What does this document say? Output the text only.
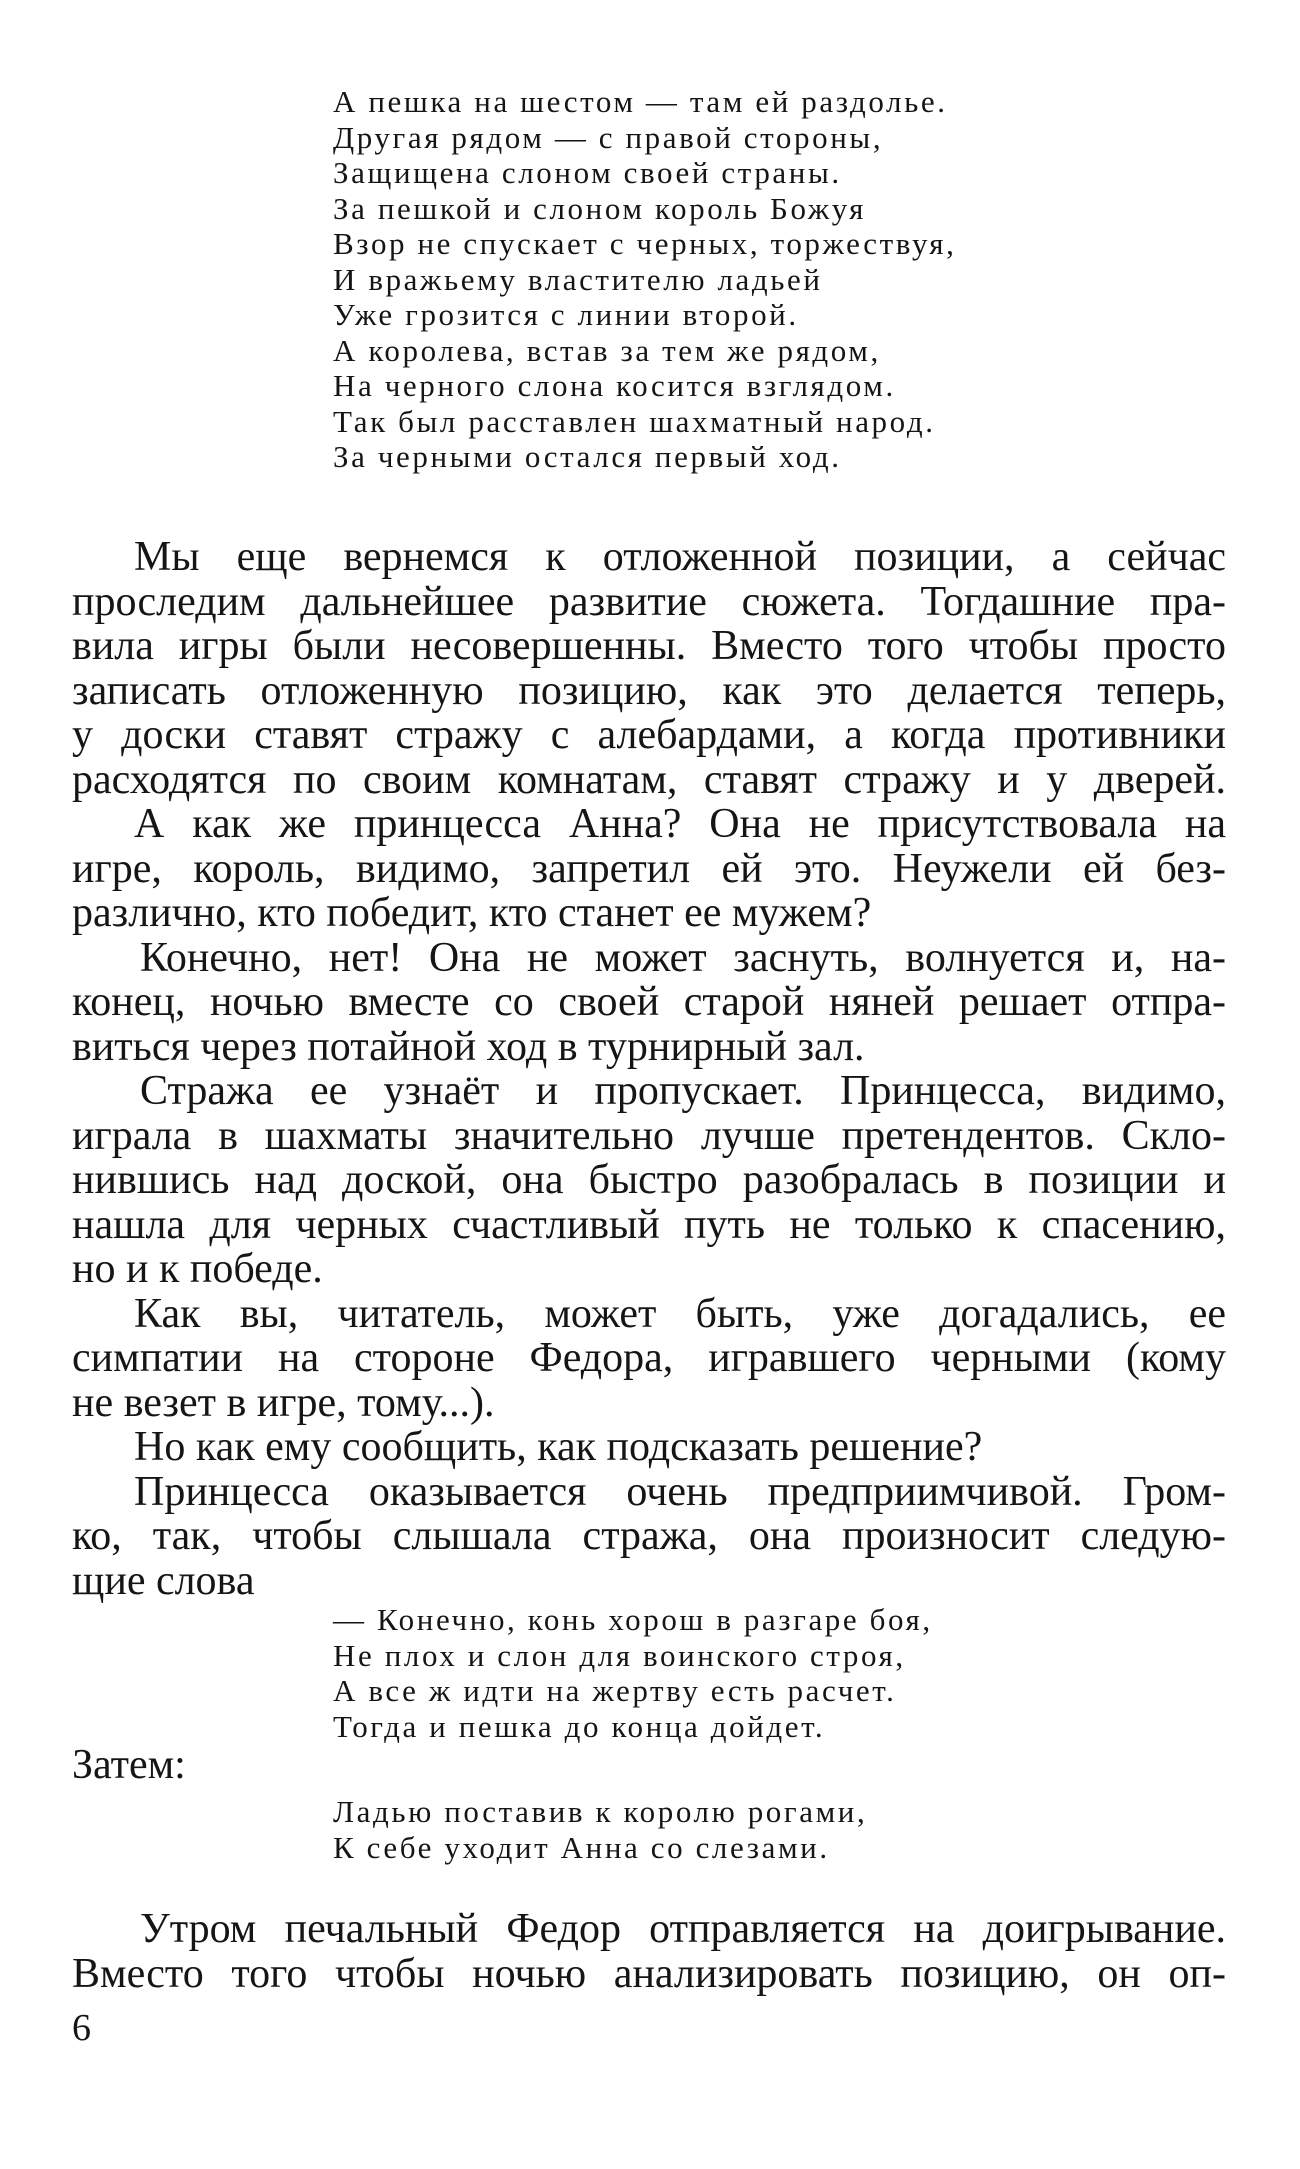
А пешка на шестом — там ей раздолье.
Другая рядом — с правой стороны,
Защищена слоном своей страны.
За пешкой и слоном король Божуя
Взор не спускает с черных, торжествуя,
И вражьему властителю ладьей
Уже грозится с линии второй.
А королева, встав за тем же рядом,
На черного слона косится взглядом.
Так был расставлен шахматный народ.
За черными остался первый ход.
Мы еще вернемся к отложенной позиции, а сейчас
проследим дальнейшее развитие сюжета. Тогдашние пра-
вила игры были несовершенны. Вместо того чтобы просто
записать отложенную позицию, как это делается теперь,
у доски ставят стражу с алебардами, а когда противники
расходятся по своим комнатам, ставят стражу и у дверей.
А как же принцесса Анна? Она не присутствовала на
игре, король, видимо, запретил ей это. Неужели ей без-
различно, кто победит, кто станет ее мужем?
Конечно, нет! Она не может заснуть, волнуется и, на-
конец, ночью вместе со своей старой няней решает отпра-
виться через потайной ход в турнирный зал.
Стража ее узнаёт и пропускает. Принцесса, видимо,
играла в шахматы значительно лучше претендентов. Скло-
нившись над доской, она быстро разобралась в позиции и
нашла для черных счастливый путь не только к спасению,
но и к победе.
Как вы, читатель, может быть, уже догадались, ее
симпатии на стороне Федора, игравшего черными (кому
не везет в игре, тому...).
Но как ему сообщить, как подсказать решение?
Принцесса оказывается очень предприимчивой. Гром-
ко, так, чтобы слышала стража, она произносит следую-
щие слова
— Конечно, конь хорош в разгаре боя,
Не плох и слон для воинского строя,
А все ж идти на жертву есть расчет.
Тогда и пешка до конца дойдет.
Затем:
Ладью поставив к королю рогами,
К себе уходит Анна со слезами.
Утром печальный Федор отправляется на доигрывание.
Вместо того чтобы ночью анализировать позицию, он оп-
6
